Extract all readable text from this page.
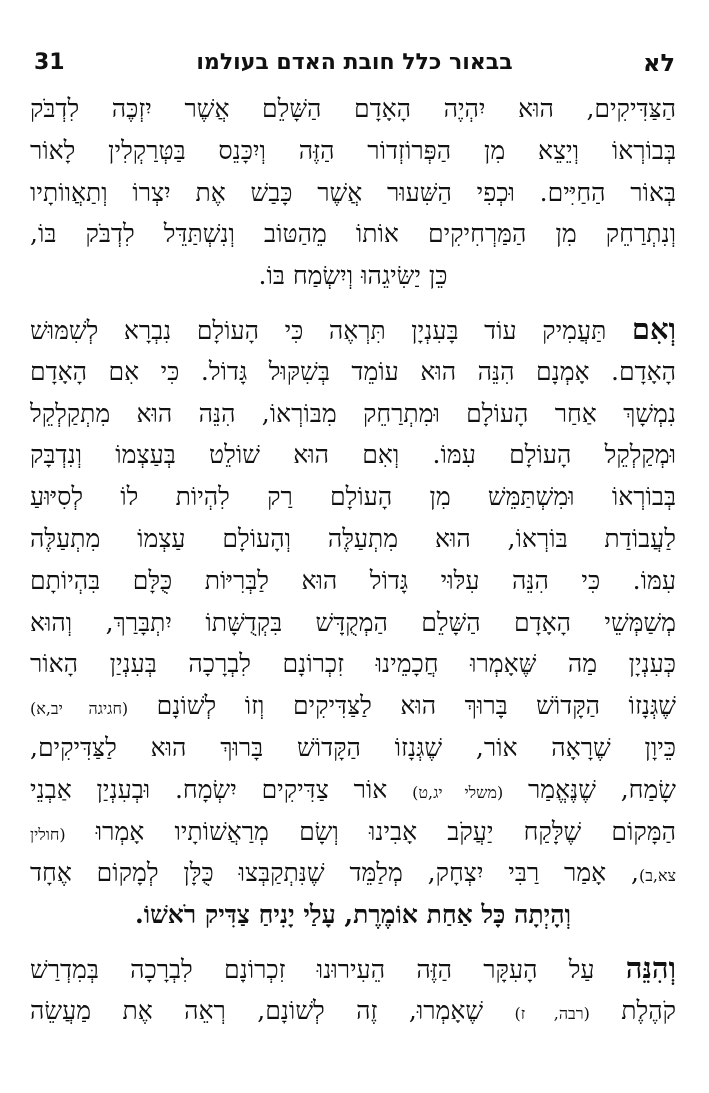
31	בבאור כלל חובת האדם בעולמו	לא
הַצַּדִּיקִים, הוּא יִהְיֶה הָאָדָם הַשָּׁלֵם אֲשֶׁר יִזְכֶּה לִדְבֹּק
בְּבוֹרְאוֹ וְיֵצֵא מִן הַפְּרוֹזְדוֹר הַזֶּה וְיִכָּנֵס בַּטְּרַקְלִין לָאוֹר
בְּאוֹר הַחַיִּים. וּכְפִי הַשִּׁעוּר אֲשֶׁר כָּבַשׁ אֶת יִצְרוֹ וְתַאֲווֹתָיו
וְנִתְרַחֵק מִן הַמַּרְחִיקִים אוֹתוֹ מֵהַטּוֹב וְנִשְׁתַּדֵּל לִדְבֹּק בּוֹ,
כֵּן יַשִּׂיגֵהוּ וְיִשְׂמַח בּוֹ.
וְאִם תַּעֲמִיק עוֹד בָּעִנְיָן תִּרְאֶה כִּי הָעוֹלָם נִבְרָא לְשִׁמּוּשׁ
הָאָדָם. אָמְנָם הִנֵּה הוּא עוֹמֵד בְּשִׁקּוּל גָּדוֹל. כִּי אִם הָאָדָם
נִמְשָׁךְ אַחַר הָעוֹלָם וּמִתְרַחֵק מִבּוֹרְאוֹ, הִנֵּה הוּא מִתְקַלְקֵל
וּמְקַלְקֵל הָעוֹלָם עִמּוֹ. וְאִם הוּא שׁוֹלֵט בְּעַצְמוֹ וְנִדְבָּק
בְּבוֹרְאוֹ וּמִשְׁתַּמֵּשׁ מִן הָעוֹלָם רַק לִהְיוֹת לוֹ לְסִיּוּעַ
לַעֲבוֹדַת בּוֹרְאוֹ, הוּא מִתְעַלֶּה וְהָעוֹלָם עַצְמוֹ מִתְעַלֶּה
עִמּוֹ. כִּי הִנֵּה עִלּוּי גָּדוֹל הוּא לַבְּרִיּוֹת כֻּלָּם בִּהְיוֹתָם
מְשַׁמְּשֵׁי הָאָדָם הַשָּׁלֵם הַמְקֻדָּשׁ בִּקְדֻשָּׁתוֹ יִתְבָּרַךְ, וְהוּא
כְּעִנְיָן מַה שֶּׁאָמְרוּ חֲכָמֵינוּ זִכְרוֹנָם לִבְרָכָה בְּעִנְיַן הָאוֹר
שֶׁגְּנָזוֹ הַקָּדוֹשׁ בָּרוּךְ הוּא לַצַּדִּיקִים וְזוֹ לְשׁוֹנָם (חגיגה יב,א)
כֵּיוָן שֶׁרָאָה אוֹר, שֶׁגְּנָזוֹ הַקָּדוֹשׁ בָּרוּךְ הוּא לַצַּדִּיקִים,
שָׂמַח, שֶׁנֶּאֱמַר (משלי יג,ט) אוֹר צַדִּיקִים יִשְׂמָח. וּבְעִנְיַן אַבְנֵי
הַמָּקוֹם שֶׁלָּקַח יַעֲקֹב אָבִינוּ וְשָׂם מְרַאֲשׁוֹתָיו אָמְרוּ (חולין
צא,ב), אָמַר רַבִּי יִצְחָק, מְלַמֵּד שֶׁנִּתְקַבְּצוּ כֻּלָּן לְמָקוֹם אֶחָד
וְהָיְתָה כָּל אַחַת אוֹמֶרֶת, עָלַי יָנִיחַ צַדִּיק רֹאשׁוֹ.
וְהִנֵּה עַל הָעִקָּר הַזֶּה הֵעִירוּנוּ זִכְרוֹנָם לִבְרָכָה בְּמִדְרַשׁ
קֹהֶלֶת (רבה, ז) שֶׁאָמְרוּ, זֶה לְשׁוֹנָם, רְאֵה אֶת מַעֲשֵׂה
